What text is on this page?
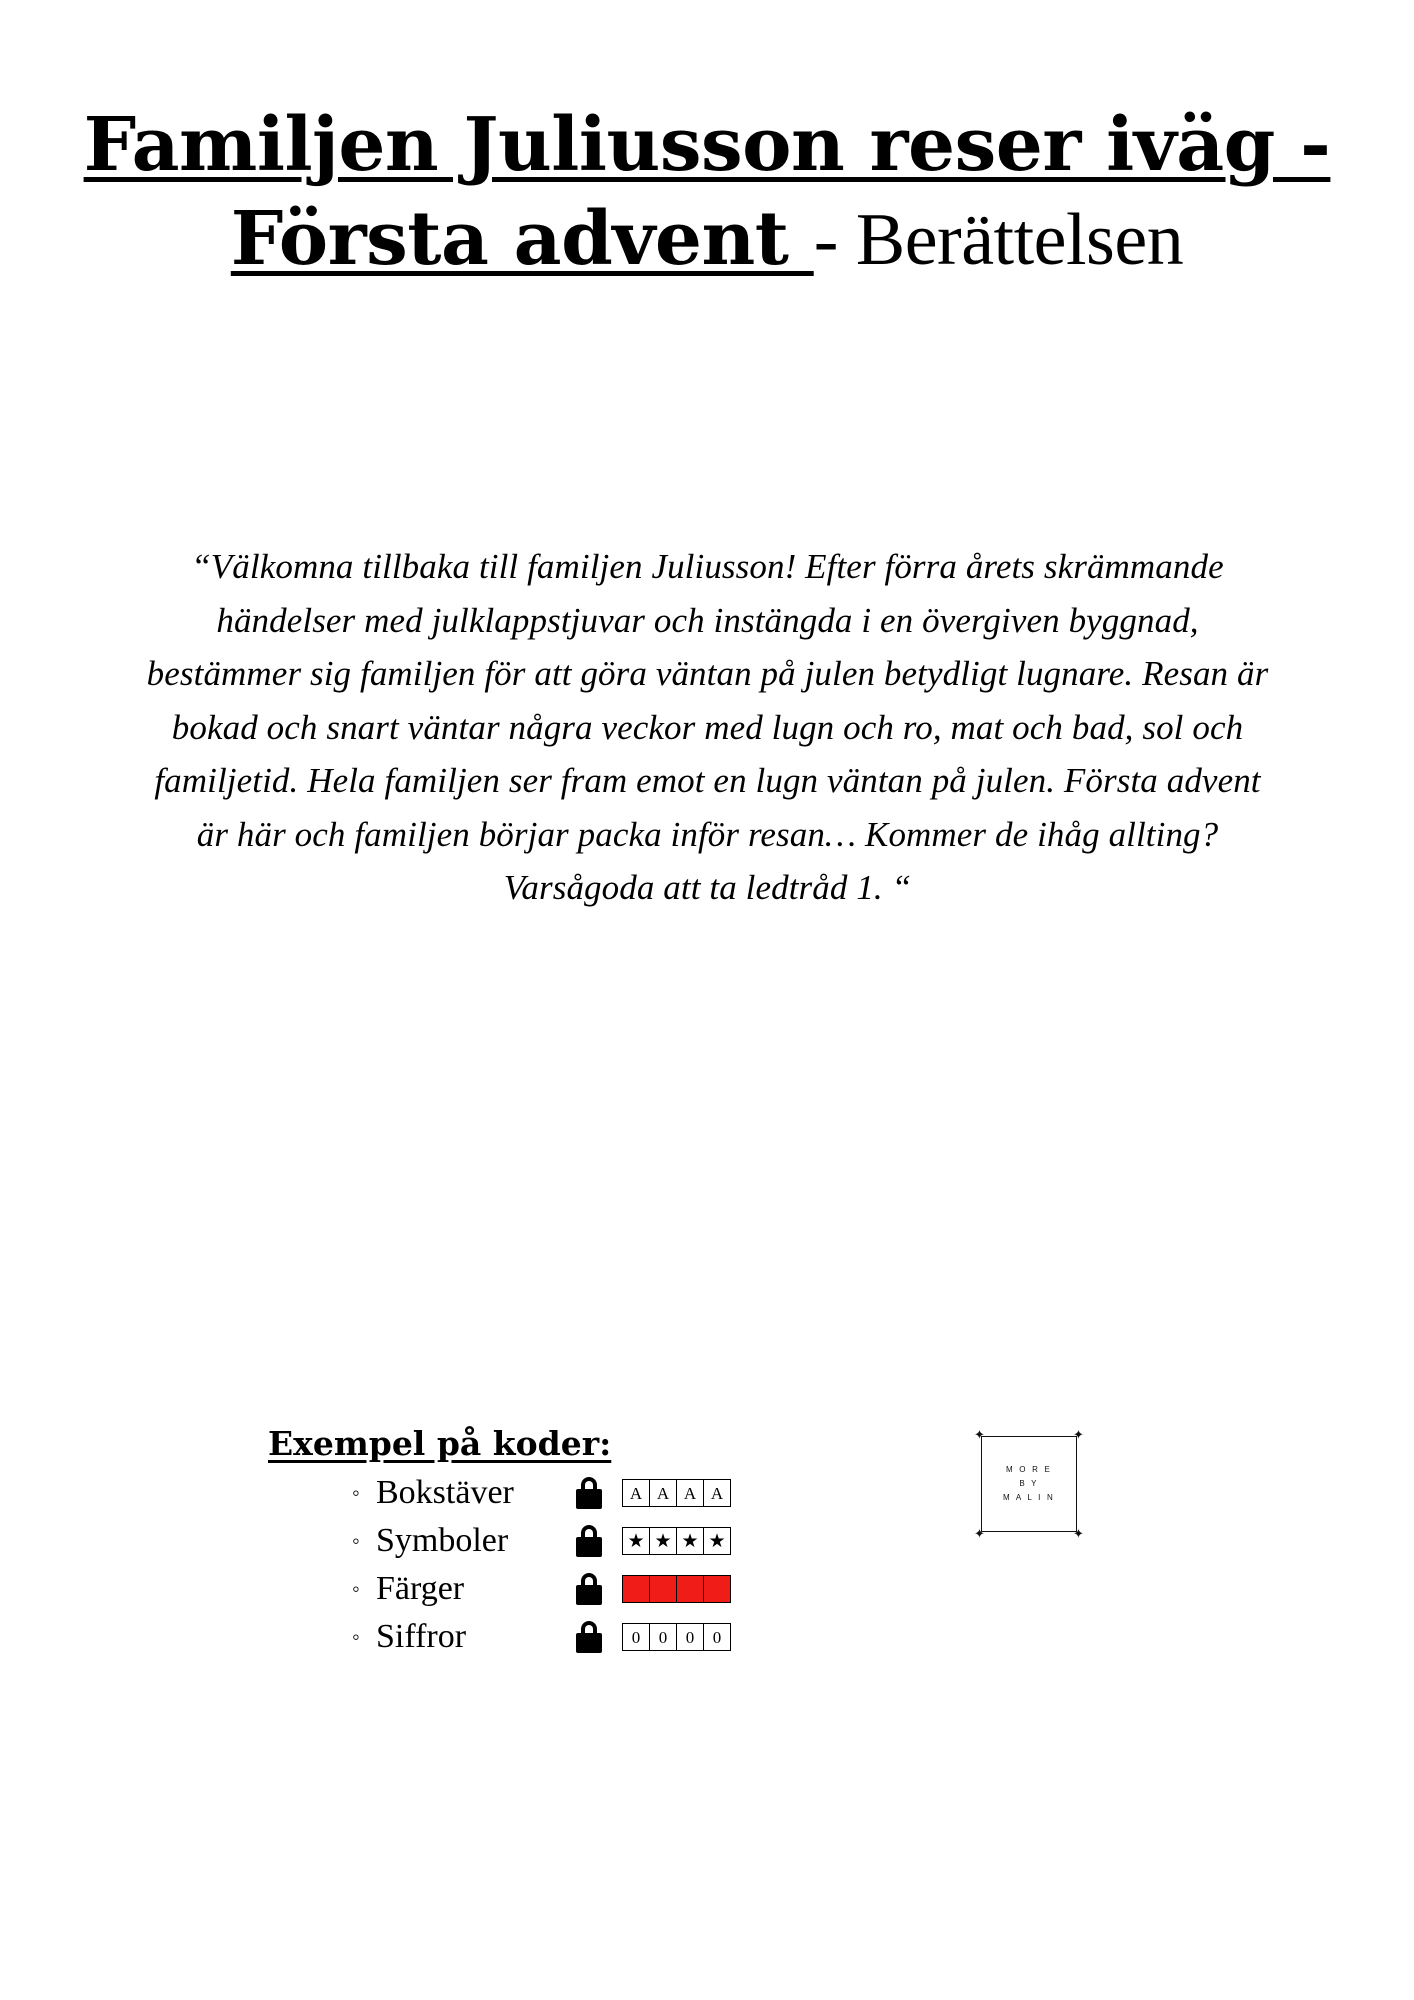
Familjen Juliusson reser iväg -
Första advent - Berättelsen
“Välkomna tillbaka till familjen Juliusson! Efter förra årets skrämmande händelser med julklappstjuvar och instängda i en övergiven byggnad, bestämmer sig familjen för att göra väntan på julen betydligt lugnare. Resan är bokad och snart väntar några veckor med lugn och ro, mat och bad, sol och familjetid. Hela familjen ser fram emot en lugn väntan på julen. Första advent är här och familjen börjar packa inför resan… Kommer de ihåg allting? Varsågoda att ta ledtråd 1. “
Exempel på koder:
◦ Bokstäver	A A A A
◦ Symboler	★ ★ ★ ★
◦ Färger
◦ Siffror	0	0	0	0
✦	✦
✦	✦
M O R E
B Y
M A L I N
